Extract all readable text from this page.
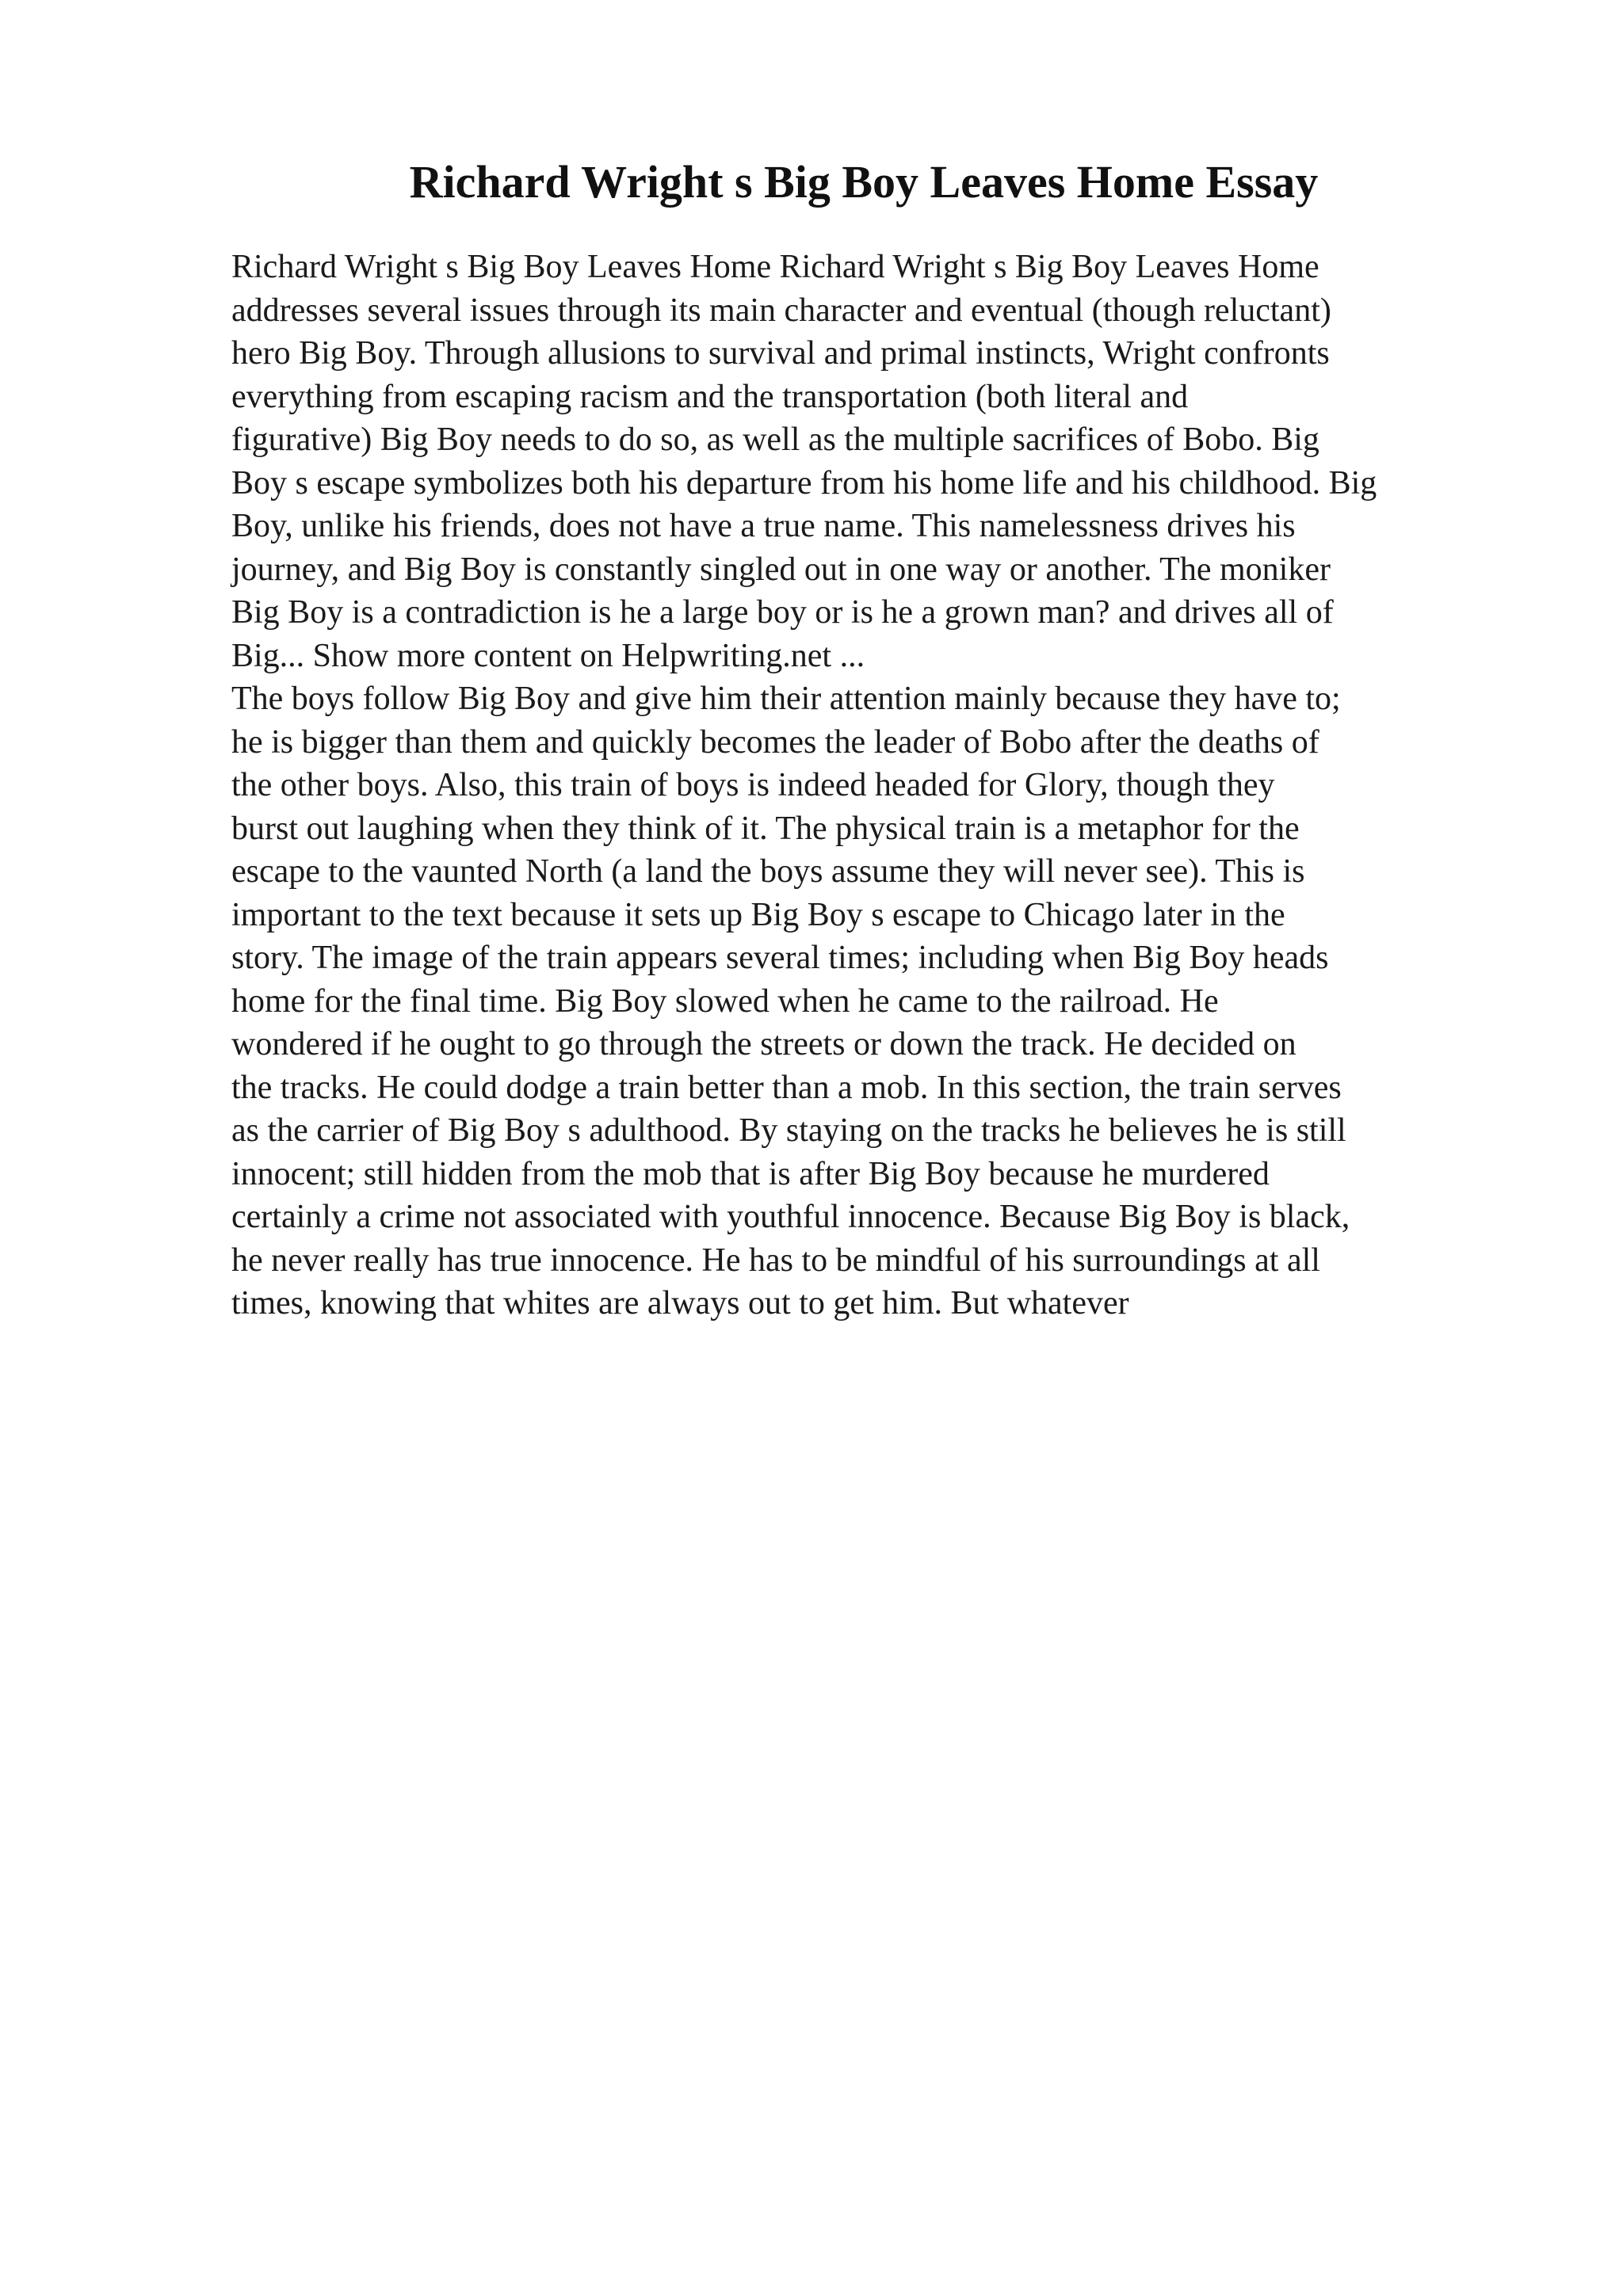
Richard Wright s Big Boy Leaves Home Essay
Richard Wright s Big Boy Leaves Home Richard Wright s Big Boy Leaves Home
addresses several issues through its main character and eventual (though reluctant)
hero Big Boy. Through allusions to survival and primal instincts, Wright confronts
everything from escaping racism and the transportation (both literal and
figurative) Big Boy needs to do so, as well as the multiple sacrifices of Bobo. Big
Boy s escape symbolizes both his departure from his home life and his childhood. Big
Boy, unlike his friends, does not have a true name. This namelessness drives his
journey, and Big Boy is constantly singled out in one way or another. The moniker
Big Boy is a contradiction is he a large boy or is he a grown man? and drives all of
Big... Show more content on Helpwriting.net ...
The boys follow Big Boy and give him their attention mainly because they have to;
he is bigger than them and quickly becomes the leader of Bobo after the deaths of
the other boys. Also, this train of boys is indeed headed for Glory, though they
burst out laughing when they think of it. The physical train is a metaphor for the
escape to the vaunted North (a land the boys assume they will never see). This is
important to the text because it sets up Big Boy s escape to Chicago later in the
story. The image of the train appears several times; including when Big Boy heads
home for the final time. Big Boy slowed when he came to the railroad. He
wondered if he ought to go through the streets or down the track. He decided on
the tracks. He could dodge a train better than a mob. In this section, the train serves
as the carrier of Big Boy s adulthood. By staying on the tracks he believes he is still
innocent; still hidden from the mob that is after Big Boy because he murdered
certainly a crime not associated with youthful innocence. Because Big Boy is black,
he never really has true innocence. He has to be mindful of his surroundings at all
times, knowing that whites are always out to get him. But whatever
